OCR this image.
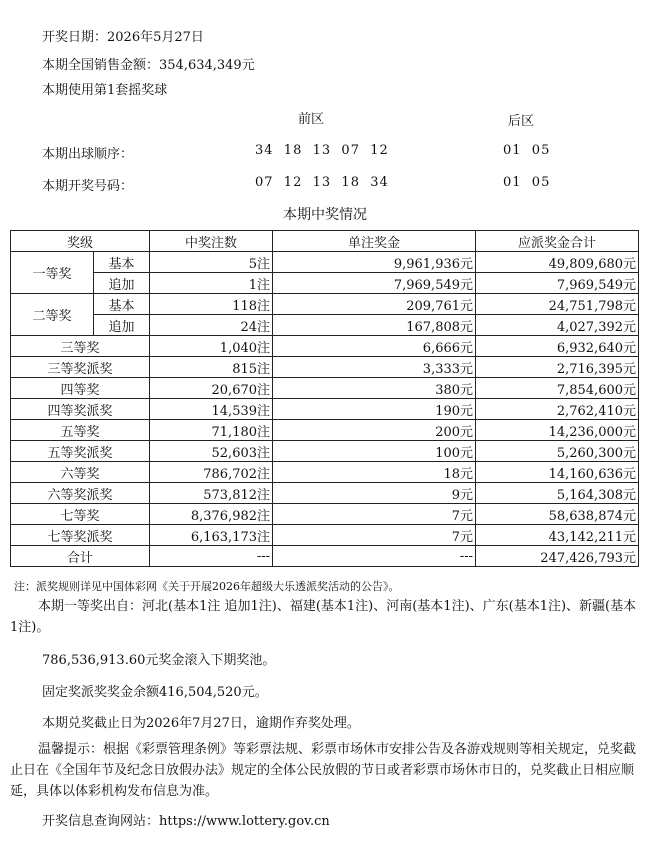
开奖日期：2026年5月27日
本期全国销售金额：354,634,349元
本期使用第1套摇奖球
前区	后区
本期出球顺序：	34  18  13  07  12	01  05
本期开奖号码：	07  12  13  18  34	01  05
本期中奖情况
奖级		中奖注数	单注奖金	应派奖金合计
一等奖	基本	5注	9,961,936元	49,809,680元
	追加	1注	7,969,549元	7,969,549元
二等奖	基本	118注	209,761元	24,751,798元
	追加	24注	167,808元	4,027,392元
三等奖		1,040注	6,666元	6,932,640元
三等奖派奖		815注	3,333元	2,716,395元
四等奖		20,670注	380元	7,854,600元
四等奖派奖		14,539注	190元	2,762,410元
五等奖		71,180注	200元	14,236,000元
五等奖派奖		52,603注	100元	5,260,300元
六等奖		786,702注	18元	14,160,636元
六等奖派奖		573,812注	9元	5,164,308元
七等奖		8,376,982注	7元	58,638,874元
七等奖派奖		6,163,173注	7元	43,142,211元
合计		---	---	247,426,793元
注：派奖规则详见中国体彩网《关于开展2026年超级大乐透派奖活动的公告》。
本期一等奖出自：河北(基本1注 追加1注)、福建(基本1注)、河南(基本1注)、广东(基本1注)、新疆(基本1注)。
786,536,913.60元奖金滚入下期奖池。
固定奖派奖奖金余额416,504,520元。
本期兑奖截止日为2026年7月27日，逾期作弃奖处理。
温馨提示：根据《彩票管理条例》等彩票法规、彩票市场休市安排公告及各游戏规则等相关规定，兑奖截止日在《全国年节及纪念日放假办法》规定的全体公民放假的节日或者彩票市场休市日的，兑奖截止日相应顺延，具体以体彩机构发布信息为准。
开奖信息查询网站：https://www.lottery.gov.cn
